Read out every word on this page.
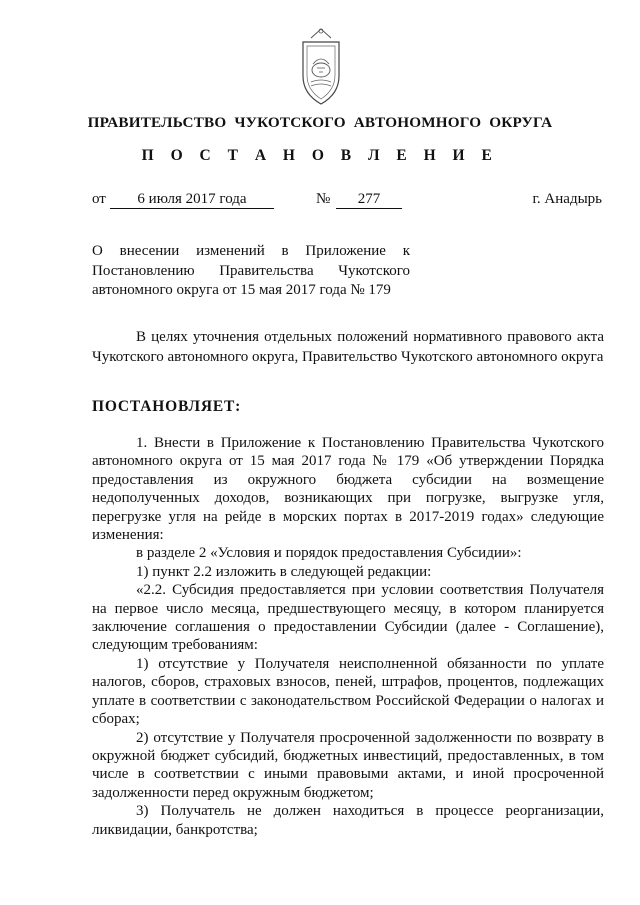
ПРАВИТЕЛЬСТВО ЧУКОТСКОГО АВТОНОМНОГО ОКРУГА
П О С Т А Н О В Л Е Н И Е
от	6 июля 2017 года	№	277	г. Анадырь
О внесении изменений в Приложение к Постановлению Правительства Чукотского автономного округа от 15 мая 2017 года № 179
В целях уточнения отдельных положений нормативного правового акта Чукотского автономного округа, Правительство Чукотского автономного округа
ПОСТАНОВЛЯЕТ:

1. Внести в Приложение к Постановлению Правительства Чукотского автономного округа от 15 мая 2017 года № 179 «Об утверждении Порядка предоставления из окружного бюджета субсидии на возмещение недополученных доходов, возникающих при погрузке, выгрузке угля, перегрузке угля на рейде в морских портах в 2017-2019 годах» следующие изменения:

в разделе 2 «Условия и порядок предоставления Субсидии»:

1) пункт 2.2 изложить в следующей редакции:

«2.2. Субсидия предоставляется при условии соответствия Получателя на первое число месяца, предшествующего месяцу, в котором планируется заключение соглашения о предоставлении Субсидии (далее - Соглашение), следующим требованиям:

1) отсутствие у Получателя неисполненной обязанности по уплате налогов, сборов, страховых взносов, пеней, штрафов, процентов, подлежащих уплате в соответствии с законодательством Российской Федерации о налогах и сборах;

2) отсутствие у Получателя просроченной задолженности по возврату в окружной бюджет субсидий, бюджетных инвестиций, предоставленных, в том числе в соответствии с иными правовыми актами, и иной просроченной задолженности перед окружным бюджетом;

3) Получатель не должен находиться в процессе реорганизации, ликвидации, банкротства;
